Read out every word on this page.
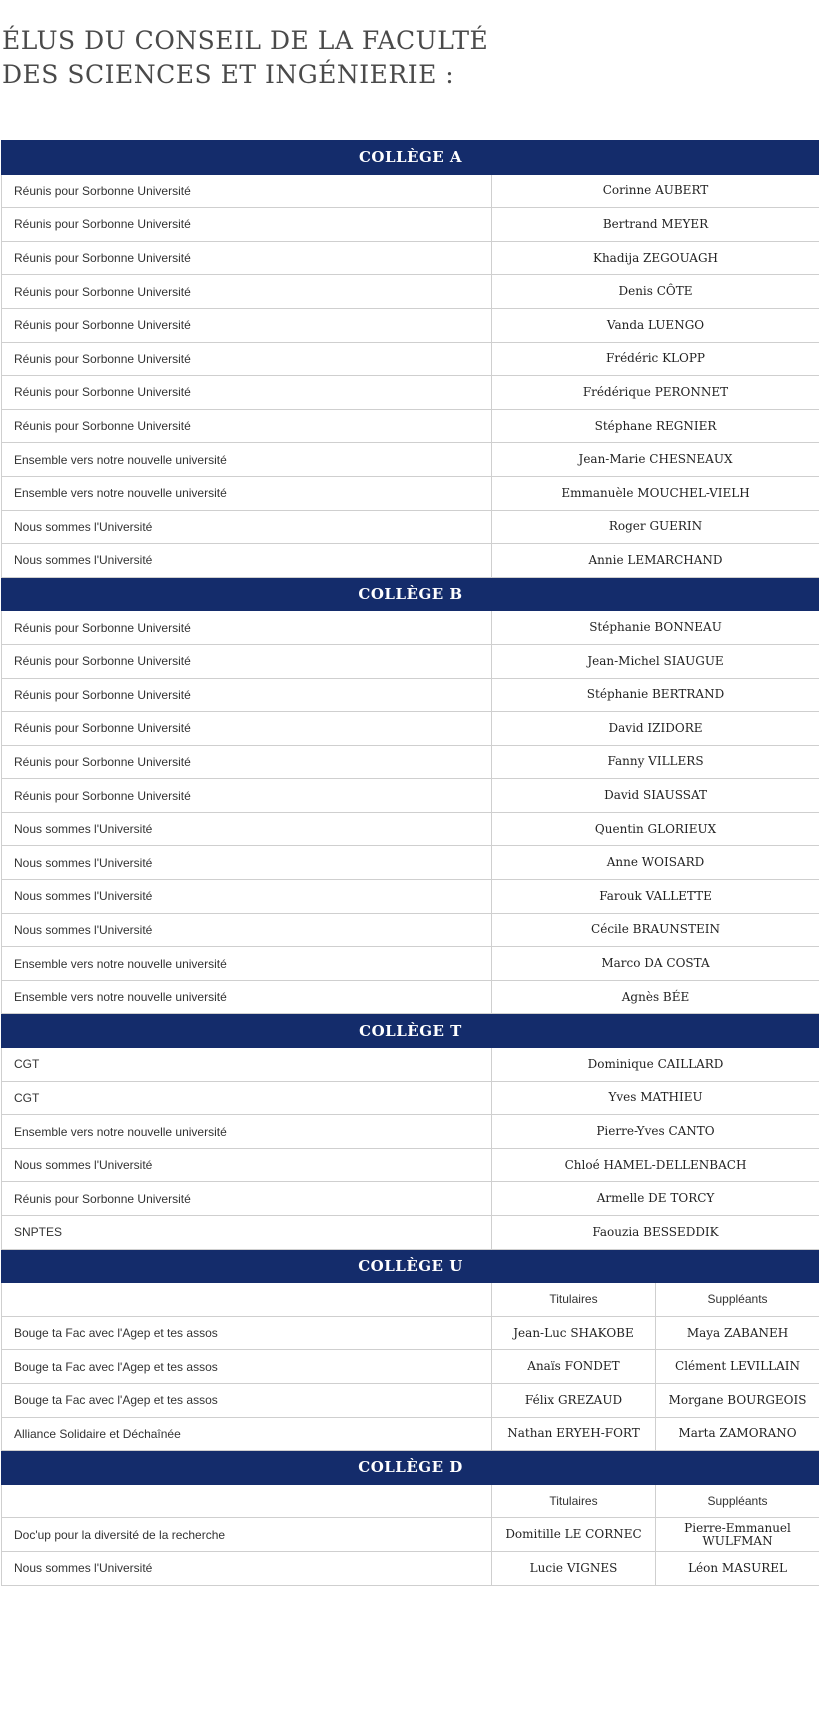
ÉLUS DU CONSEIL DE LA FACULTÉ
DES SCIENCES ET INGÉNIERIE :
COLLÈGE A		
Réunis pour Sorbonne Université	Corinne AUBERT	
Réunis pour Sorbonne Université	Bertrand MEYER	
Réunis pour Sorbonne Université	Khadija ZEGOUAGH	
Réunis pour Sorbonne Université	Denis CÔTE	
Réunis pour Sorbonne Université	Vanda LUENGO	
Réunis pour Sorbonne Université	Frédéric KLOPP	
Réunis pour Sorbonne Université	Frédérique PERONNET	
Réunis pour Sorbonne Université	Stéphane REGNIER	
Ensemble vers notre nouvelle université	Jean-Marie CHESNEAUX	
Ensemble vers notre nouvelle université	Emmanuèle MOUCHEL-VIELH	
Nous sommes l'Université	Roger GUERIN	
Nous sommes l'Université	Annie LEMARCHAND	
COLLÈGE B		
Réunis pour Sorbonne Université	Stéphanie BONNEAU	
Réunis pour Sorbonne Université	Jean-Michel SIAUGUE	
Réunis pour Sorbonne Université	Stéphanie BERTRAND	
Réunis pour Sorbonne Université	David IZIDORE	
Réunis pour Sorbonne Université	Fanny VILLERS	
Réunis pour Sorbonne Université	David SIAUSSAT	
Nous sommes l'Université	Quentin GLORIEUX	
Nous sommes l'Université	Anne WOISARD	
Nous sommes l'Université	Farouk VALLETTE	
Nous sommes l'Université	Cécile BRAUNSTEIN	
Ensemble vers notre nouvelle université	Marco DA COSTA	
Ensemble vers notre nouvelle université	Agnès BÉE	
COLLÈGE T		
CGT	Dominique CAILLARD	
CGT	Yves MATHIEU	
Ensemble vers notre nouvelle université	Pierre-Yves CANTO	
Nous sommes l'Université	Chloé HAMEL-DELLENBACH	
Réunis pour Sorbonne Université	Armelle DE TORCY	
SNPTES	Faouzia BESSEDDIK	
COLLÈGE U		
	Titulaires	Suppléants
Bouge ta Fac avec l'Agep et tes assos	Jean-Luc SHAKOBE	Maya ZABANEH
Bouge ta Fac avec l'Agep et tes assos	Anaïs FONDET	Clément LEVILLAIN
Bouge ta Fac avec l'Agep et tes assos	Félix GREZAUD	Morgane BOURGEOIS
Alliance Solidaire et Déchaînée	Nathan ERYEH-FORT	Marta ZAMORANO
COLLÈGE D		
	Titulaires	Suppléants
Doc'up pour la diversité de la recherche	Domitille LE CORNEC	Pierre-Emmanuel WULFMAN
Nous sommes l'Université	Lucie VIGNES	Léon MASUREL
